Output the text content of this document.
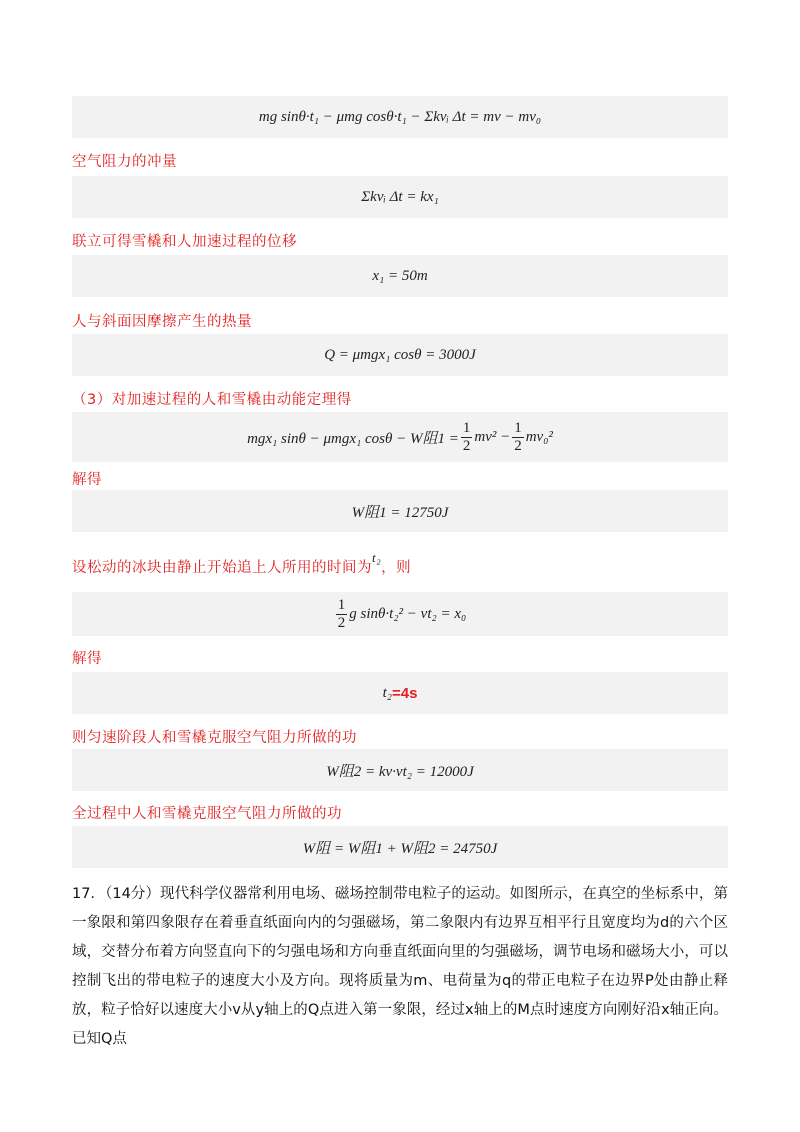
mg sinθ·t₁ − μmg cosθ·t₁ − Σkvᵢ Δt = mv − mv₀
空气阻力的冲量
Σkvᵢ Δt = kx₁
联立可得雪橇和人加速过程的位移
x₁ = 50m
人与斜面因摩擦产生的热量
Q = μmgx₁ cosθ = 3000J
（3）对加速过程的人和雪橇由动能定理得
mgx₁ sinθ − μmgx₁ cosθ − W阻$1 = \frac{1}{2} mv^2 - \frac{1}{2} mv_0^2$
解得
W阻1 = 12750J
设松动的冰块由静止开始追上人所用的时间为t₂，则
$\frac{1}{2}$ g sinθ·t₂² − vt₂ = x₀
解得
t₂ =4s
则匀速阶段人和雪橇克服空气阻力所做的功
W阻2 = kv·vt₂ = 12000J
全过程中人和雪橇克服空气阻力所做的功
W阻 = W阻1 + W阻2 = 24750J
17．（14分）现代科学仪器常利用电场、磁场控制带电粒子的运动。如图所示，在真空的坐标系中，第一象限和第四象限存在着垂直纸面向内的匀强磁场，第二象限内有边界互相平行且宽度均为d的六个区域，交替分布着方向竖直向下的匀强电场和方向垂直纸面向里的匀强磁场，调节电场和磁场大小，可以控制飞出的带电粒子的速度大小及方向。现将质量为m、电荷量为q的带正电粒子在边界P处由静止释放，粒子恰好以速度大小v从y轴上的Q点进入第一象限，经过x轴上的M点时速度方向刚好沿x轴正向。已知Q点
